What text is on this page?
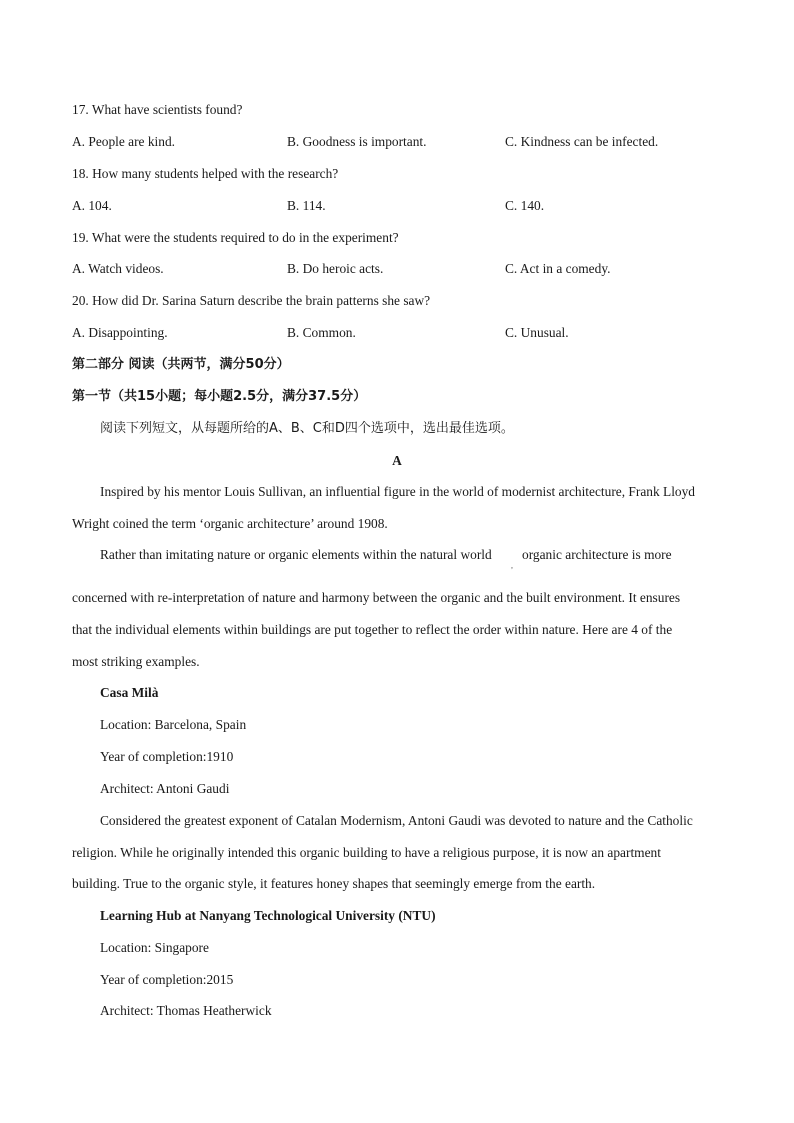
17. What have scientists found?
A. People are kind.	B. Goodness is important.	C. Kindness can be infected.
18. How many students helped with the research?
A. 104.	B. 114.	C. 140.
19. What were the students required to do in the experiment?
A. Watch videos.	B. Do heroic acts.	C. Act in a comedy.
20. How did Dr. Sarina Saturn describe the brain patterns she saw?
A. Disappointing.	B. Common.	C. Unusual.
第二部分 阅读（共两节，满分50分）
第一节（共15小题；每小题2.5分，满分37.5分）
阅读下列短文，从每题所给的A、B、C和D四个选项中，选出最佳选项。
A
Inspired by his mentor Louis Sullivan, an influential figure in the world of modernist architecture, Frank Lloyd
Wright coined the term ‘organic architecture’ around 1908.
Rather than imitating nature or organic elements within the natural world
,
organic architecture is more
concerned with re-interpretation of nature and harmony between the organic and the built environment. It ensures
that the individual elements within buildings are put together to reflect the order within nature. Here are 4 of the
most striking examples.
Casa Milà
Location: Barcelona, Spain
Year of completion:1910
Architect: Antoni Gaudi
Considered the greatest exponent of Catalan Modernism, Antoni Gaudi was devoted to nature and the Catholic
religion. While he originally intended this organic building to have a religious purpose, it is now an apartment
building. True to the organic style, it features honey shapes that seemingly emerge from the earth.
Learning Hub at Nanyang Technological University (NTU)
Location: Singapore
Year of completion:2015
Architect: Thomas Heatherwick
